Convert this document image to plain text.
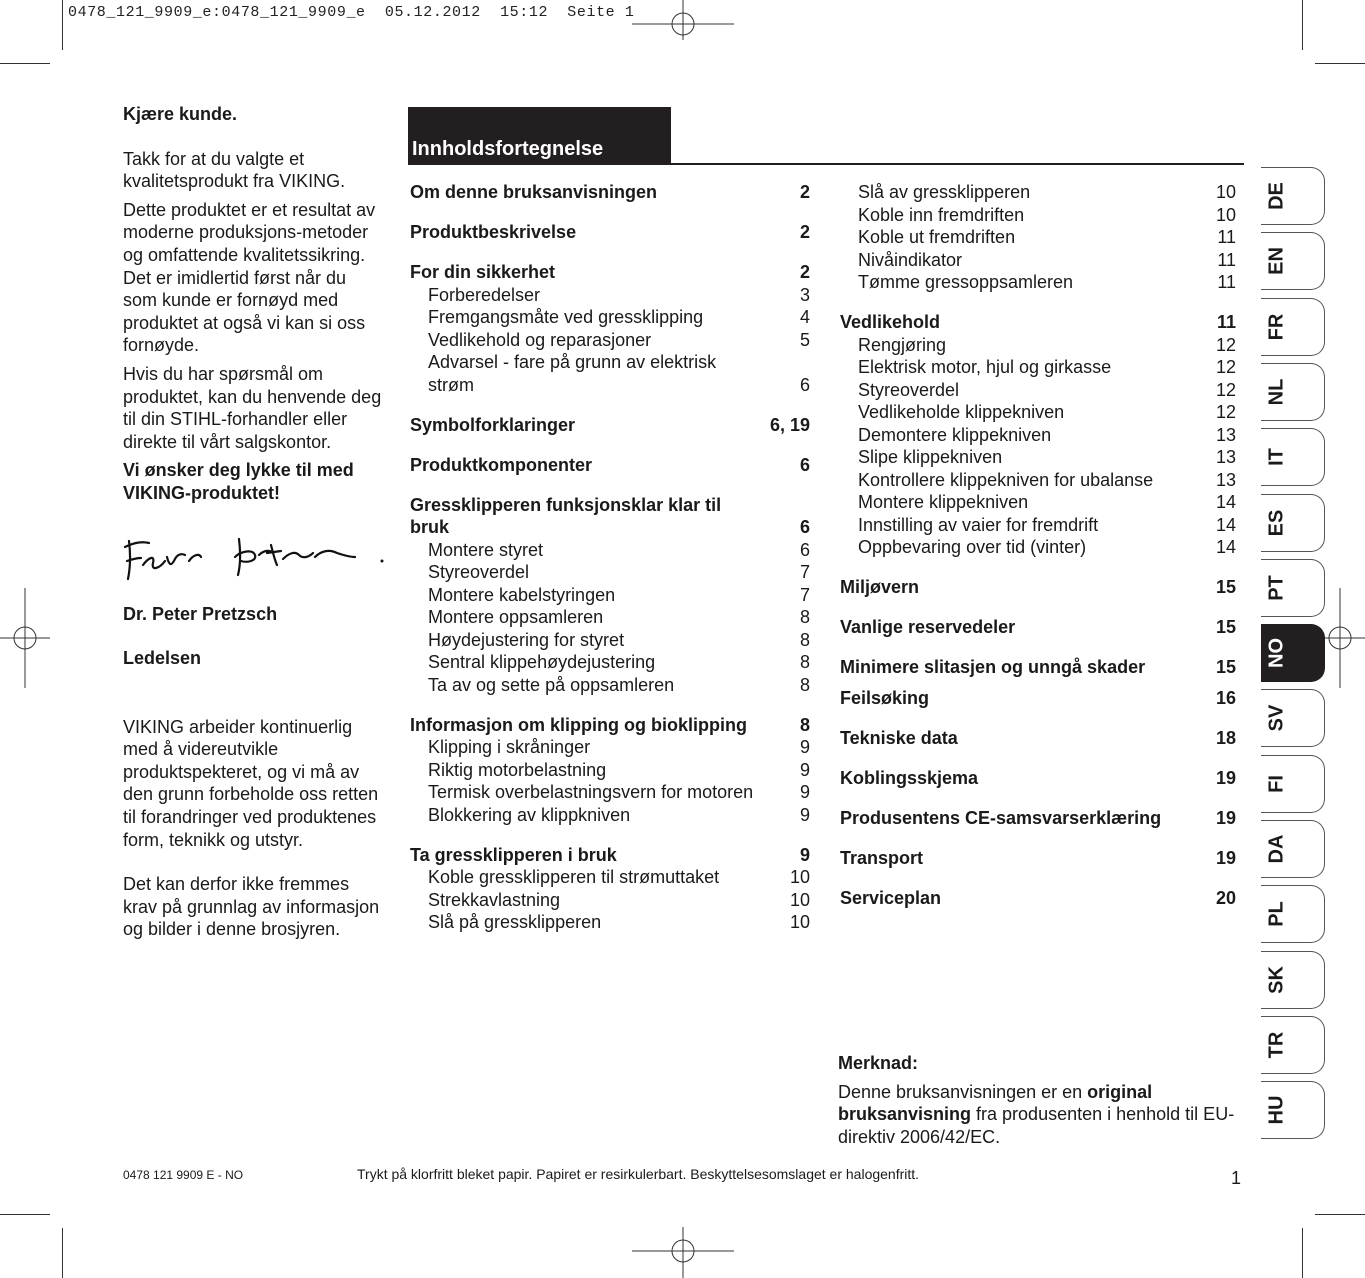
0478_121_9909_e:0478_121_9909_e  05.12.2012  15:12  Seite 1

Kjære kunde.

Takk for at du valgte et kvalitetsprodukt fra VIKING.

Dette produktet er et resultat av moderne produksjons-metoder og omfattende kvalitetssikring. Det er imidlertid først når du som kunde er fornøyd med produktet at også vi kan si oss fornøyde.

Hvis du har spørsmål om produktet, kan du henvende deg til din STIHL-forhandler eller direkte til vårt salgskontor.

Vi ønsker deg lykke til med VIKING-produktet!

Dr. Peter Pretzsch

Ledelsen

VIKING arbeider kontinuerlig med å videreutvikle produktspekteret, og vi må av den grunn forbeholde oss retten til forandringer ved produktenes form, teknikk og utstyr.

Det kan derfor ikke fremmes krav på grunnlag av informasjon og bilder i denne brosjyren.

Innholdsfortegnelse
Om denne bruksanvisningen	2
Produktbeskrivelse	2
For din sikkerhet	2
Forberedelser	3
Fremgangsmåte ved gressklipping	4
Vedlikehold og reparasjoner	5
Advarsel - fare på grunn av elektrisk strøm	6
Symbolforklaringer	6, 19
Produktkomponenter	6
Gressklipperen funksjonsklar klar til bruk	6
Montere styret	6
Styreoverdel	7
Montere kabelstyringen	7
Montere oppsamleren	8
Høydejustering for styret	8
Sentral klippehøydejustering	8
Ta av og sette på oppsamleren	8
Informasjon om klipping og bioklipping	8
Klipping i skråninger	9
Riktig motorbelastning	9
Termisk overbelastningsvern for motoren	9
Blokkering av klippkniven	9
Ta gressklipperen i bruk	9
Koble gressklipperen til strømuttaket	10
Strekkavlastning	10
Slå på gressklipperen	10
Slå av gressklipperen	10
Koble inn fremdriften	10
Koble ut fremdriften	11
Nivåindikator	11
Tømme gressoppsamleren	11
Vedlikehold	11
Rengjøring	12
Elektrisk motor, hjul og girkasse	12
Styreoverdel	12
Vedlikeholde klippekniven	12
Demontere klippekniven	13
Slipe klippekniven	13
Kontrollere klippekniven for ubalanse	13
Montere klippekniven	14
Innstilling av vaier for fremdrift	14
Oppbevaring over tid (vinter)	14
Miljøvern	15
Vanlige reservedeler	15
Minimere slitasjen og unngå skader	15
Feilsøking	16
Tekniske data	18
Koblingsskjema	19
Produsentens CE-samsvarserklæring	19
Transport	19
Serviceplan	20
Merknad:
Denne bruksanvisningen er en original bruksanvisning fra produsenten i henhold til EU-direktiv 2006/42/EC.
0478 121 9909 E - NO	Trykt på klorfritt bleket papir. Papiret er resirkulerbart. Beskyttelsesomslaget er halogenfritt.	1
DE
EN
FR
NL
IT
ES
PT
NO
SV
FI
DA
PL
SK
TR
HU
